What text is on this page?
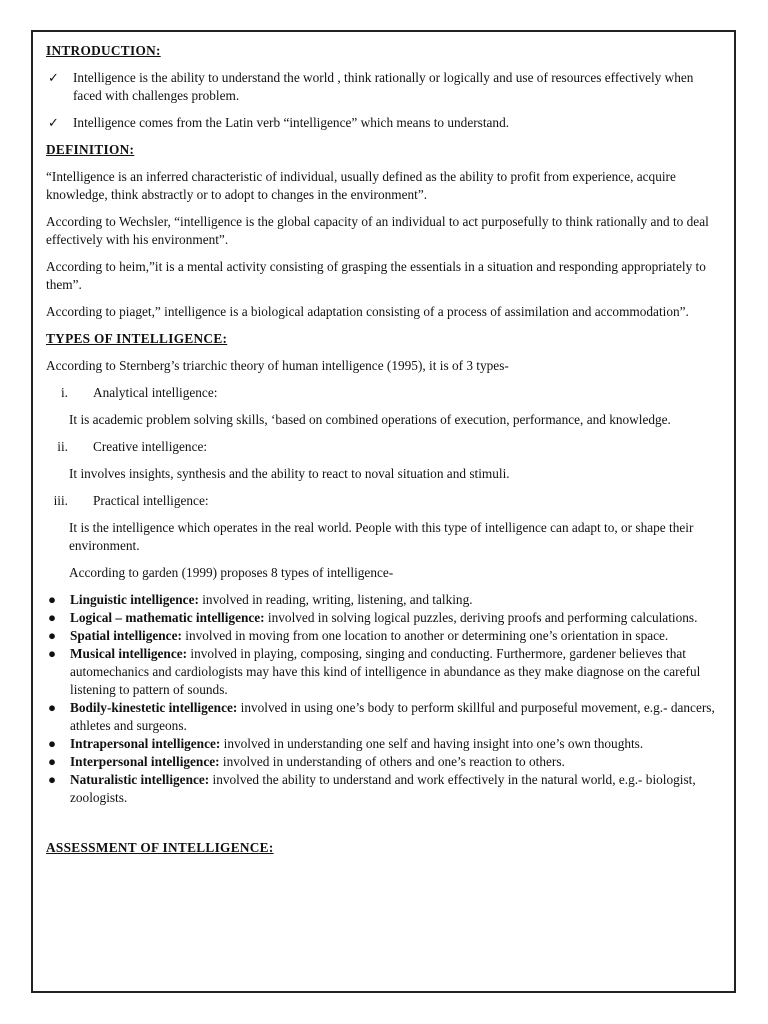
INTRODUCTION:

✓ Intelligence is the ability to understand the world , think rationally or logically and use of resources effectively when faced with challenges problem.
✓ Intelligence comes from the Latin verb “intelligence” which means to understand.

DEFINITION:

“Intelligence is an inferred characteristic of individual, usually defined as the ability to profit from experience, acquire knowledge, think abstractly or to adopt to changes in the environment”.

According to Wechsler, “intelligence is the global capacity of an individual to act purposefully to think rationally and to deal effectively with his environment”.

According to heim,”it is a mental activity consisting of grasping the essentials in a situation and responding appropriately to them”.

According to piaget,” intelligence is a biological adaptation consisting of a process of assimilation and accommodation”.

TYPES OF INTELLIGENCE:

According to Sternberg’s triarchic theory of human intelligence (1995), it is of 3 types-

i. Analytical intelligence:

It is academic problem solving skills, ‘based on combined operations of execution, performance, and knowledge.

ii. Creative intelligence:

It involves insights, synthesis and the ability to react to noval situation and stimuli.

iii. Practical intelligence:

It is the intelligence which operates in the real world. People with this type of intelligence can adapt to, or shape their environment.

According to garden (1999) proposes 8 types of intelligence-

● Linguistic intelligence: involved in reading, writing, listening, and talking.
● Logical – mathematic intelligence: involved in solving logical puzzles, deriving proofs and performing calculations.
● Spatial intelligence: involved in moving from one location to another or determining one’s orientation in space.
● Musical intelligence: involved in playing, composing, singing and conducting. Furthermore, gardener believes that automechanics and cardiologists may have this kind of intelligence in abundance as they make diagnose on the careful listening to pattern of sounds.
● Bodily-kinestetic intelligence: involved in using one’s body to perform skillful and purposeful movement, e.g.- dancers, athletes and surgeons.
● Intrapersonal intelligence: involved in understanding one self and having insight into one’s own thoughts.
● Interpersonal intelligence: involved in understanding of others and one’s reaction to others.
● Naturalistic intelligence: involved the ability to understand and work effectively in the natural world, e.g.- biologist, zoologists.

ASSESSMENT OF INTELLIGENCE:
